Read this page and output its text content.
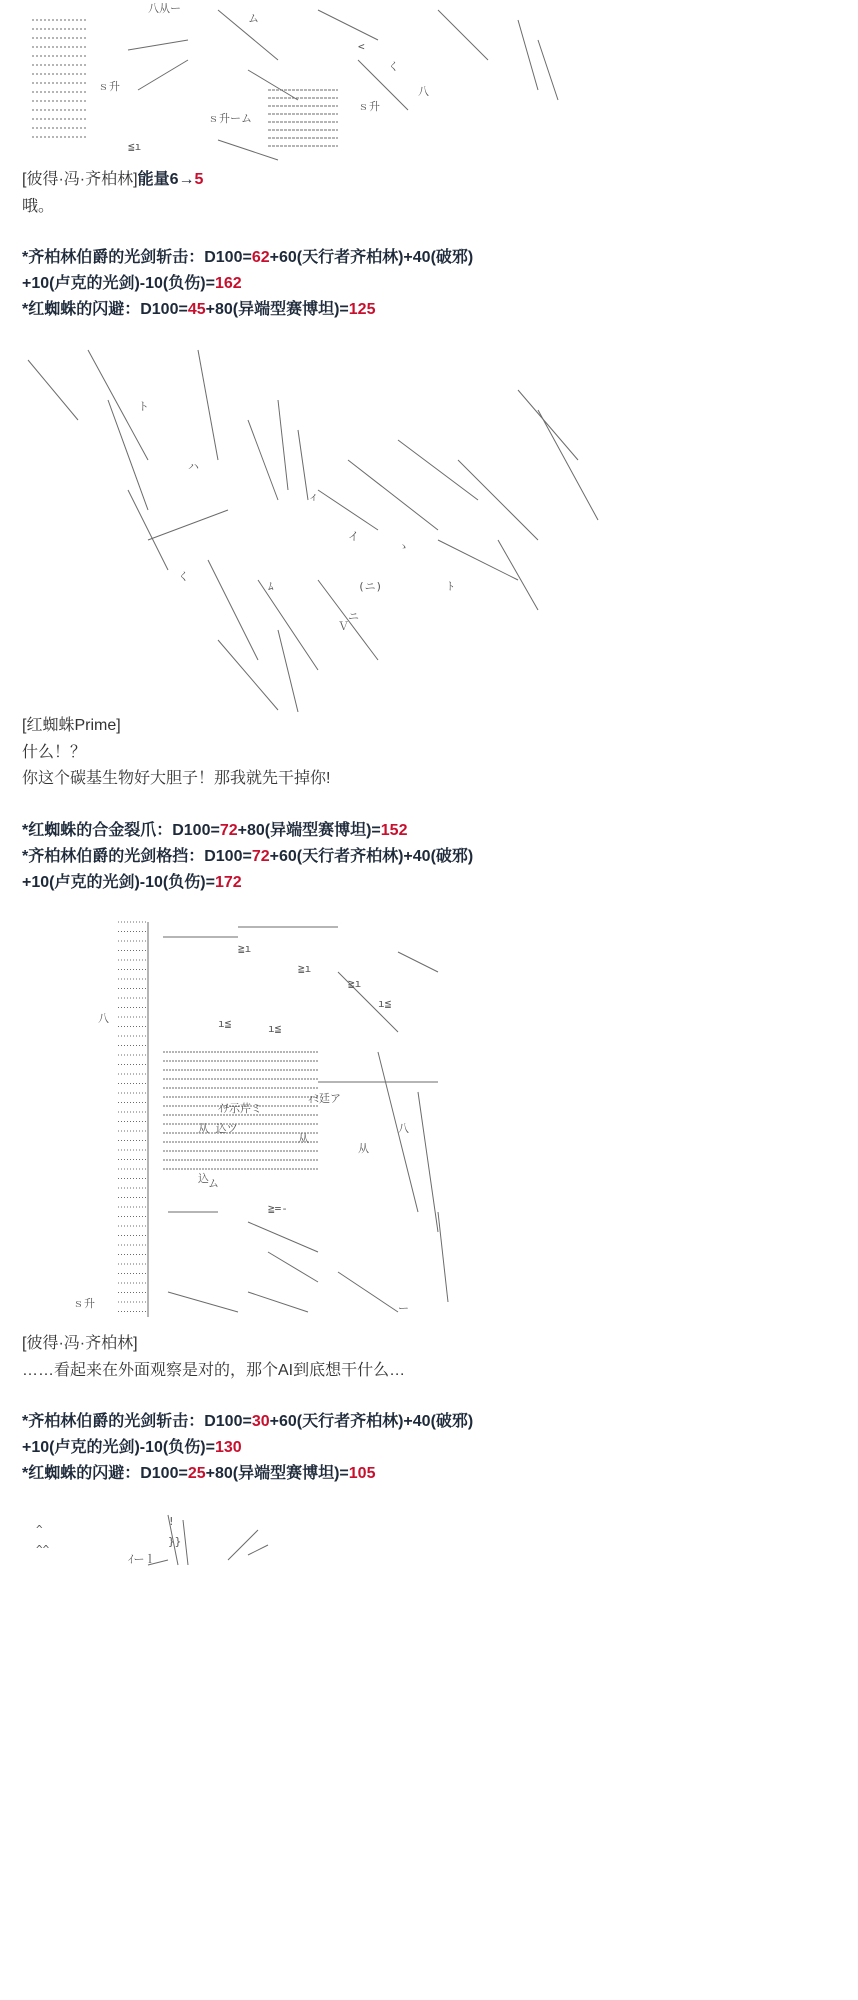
八从ー
ム
≦ı
ｓ升
ｓ升ーム
ｓ升
八
<
く
[彼得·冯·齐柏林]能量6→5
哦。
*齐柏林伯爵的光剑斩击：D100=62+60(天行者齐柏林)+40(破邪)
+10(卢克的光剑)-10(负伤)=162
*红蜘蛛的闪避：D100=45+80(异端型赛博坦)=125
ト
ハ
ィ
イ
ﾑ
ゝ
く
ニ
(ニ)
Ｖ
ﾄ
[红蜘蛛Prime]
什么！？
你这个碳基生物好大胆子！那我就先干掉你!
*红蜘蛛的合金裂爪：D100=72+80(异端型赛博坦)=152
*齐柏林伯爵的光剑格挡：D100=72+60(天行者齐柏林)+40(破邪)
+10(卢克的光剑)-10(负伤)=172
≧ı
≧ı
≧ı
ı≦
ı≦
ı≦
ｨﾐ廷ア
ｲﾁ示芹ミ
从 込ツ
込
从
从
ｓ升
八
八
≧=-
ム
ー
[彼得·冯·齐柏林]
……看起来在外面观察是对的，那个AI到底想干什么…
*齐柏林伯爵的光剑斩击：D100=30+60(天行者齐柏林)+40(破邪)
+10(卢克的光剑)-10(负伤)=130
*红蜘蛛的闪避：D100=25+80(异端型赛博坦)=105
^
^^
ｲーｌ
!
}}
